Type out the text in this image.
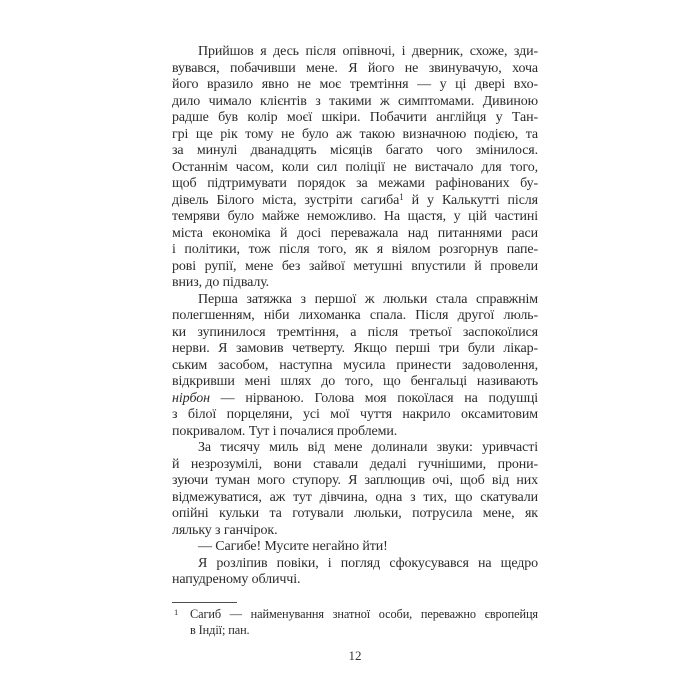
Прийшов я десь після опівночі, і дверник, схоже, зди-
вувався, побачивши мене. Я його не звинувачую, хоча
його вразило явно не моє тремтіння — у ці двері вхо-
дило чимало клієнтів з такими ж симптомами. Дивиною
радше був колір моєї шкіри. Побачити англійця у Тан-
грі ще рік тому не було аж такою визначною подією, та
за минулі дванадцять місяців багато чого змінилося.
Останнім часом, коли сил поліції не вистачало для того,
щоб підтримувати порядок за межами рафінованих бу-
дівель Білого міста, зустріти сагиба$^1$ й у Калькутті після
темряви було майже неможливо. На щастя, у цій частині
міста економіка й досі переважала над питаннями раси
і політики, тож після того, як я віялом розгорнув папе-
рові рупії, мене без зайвої метушні впустили й провели
вниз, до підвалу.
Перша затяжка з першої ж люльки стала справжнім
полегшенням, ніби лихоманка спала. Після другої люль-
ки зупинилося тремтіння, а після третьої заспокоїлися
нерви. Я замовив четверту. Якщо перші три були лікар-
ським засобом, наступна мусила принести задоволення,
відкривши мені шлях до того, що бенгальці називають
нірбон — нірваною. Голова моя покоїлася на подушці
з білої порцеляни, усі мої чуття накрило оксамитовим
покривалом. Тут і почалися проблеми.
За тисячу миль від мене долинали звуки: уривчасті
й незрозумілі, вони ставали дедалі гучнішими, прони-
зуючи туман мого ступору. Я заплющив очі, щоб від них
відмежуватися, аж тут дівчина, одна з тих, що скатували
опійні кульки та готували люльки, потрусила мене, як
ляльку з ганчірок.
— Сагибе! Мусите негайно йти!
Я розліпив повіки, і погляд сфокусувався на щедро
напудреному обличчі.
1 Сагиб — найменування знатної особи, переважно європейця
в Індії; пан.
12
